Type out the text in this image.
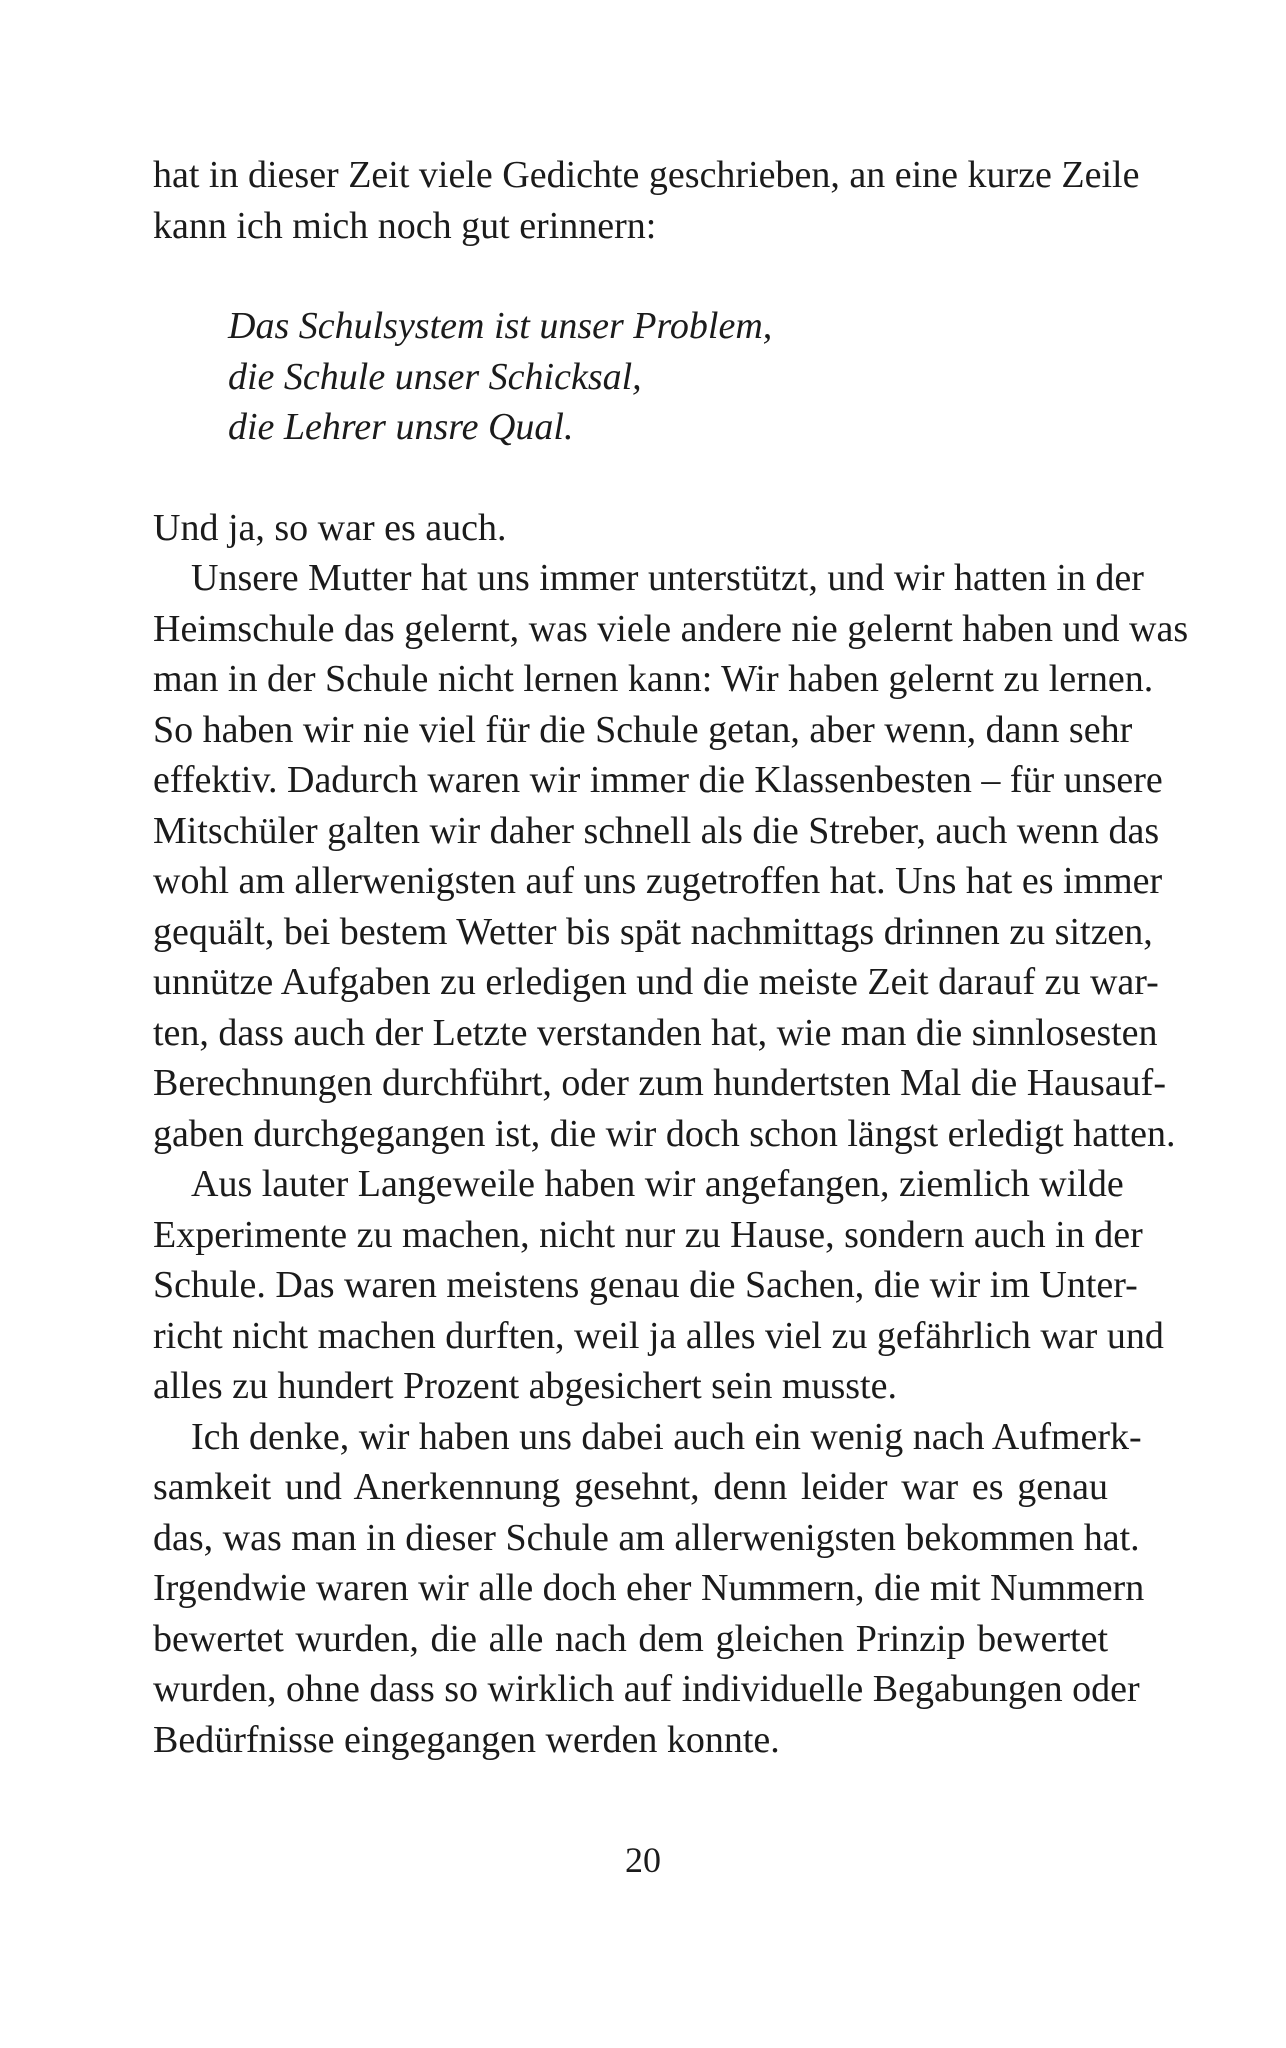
hat in dieser Zeit viele Gedichte geschrieben, an eine kurze Zeile
kann ich mich noch gut erinnern:
Das Schulsystem ist unser Problem,
die Schule unser Schicksal,
die Lehrer unsre Qual.
Und ja, so war es auch.
Unsere Mutter hat uns immer unterstützt, und wir hatten in der
Heimschule das gelernt, was viele andere nie gelernt haben und was
man in der Schule nicht lernen kann: Wir haben gelernt zu lernen.
So haben wir nie viel für die Schule getan, aber wenn, dann sehr
effektiv. Dadurch waren wir immer die Klassenbesten – für unsere
Mitschüler galten wir daher schnell als die Streber, auch wenn das
wohl am allerwenigsten auf uns zugetroffen hat. Uns hat es immer
gequält, bei bestem Wetter bis spät nachmittags drinnen zu sitzen,
unnütze Aufgaben zu erledigen und die meiste Zeit darauf zu war-
ten, dass auch der Letzte verstanden hat, wie man die sinnlosesten
Berechnungen durchführt, oder zum hundertsten Mal die Hausauf-
gaben durchgegangen ist, die wir doch schon längst erledigt hatten.
Aus lauter Langeweile haben wir angefangen, ziemlich wilde
Experimente zu machen, nicht nur zu Hause, sondern auch in der
Schule. Das waren meistens genau die Sachen, die wir im Unter-
richt nicht machen durften, weil ja alles viel zu gefährlich war und
alles zu hundert Prozent abgesichert sein musste.
Ich denke, wir haben uns dabei auch ein wenig nach Aufmerk-
samkeit und Anerkennung gesehnt, denn leider war es genau
das, was man in dieser Schule am allerwenigsten bekommen hat.
Irgendwie waren wir alle doch eher Nummern, die mit Nummern
bewertet wurden, die alle nach dem gleichen Prinzip bewertet
wurden, ohne dass so wirklich auf individuelle Begabungen oder
Bedürfnisse eingegangen werden konnte.
20
